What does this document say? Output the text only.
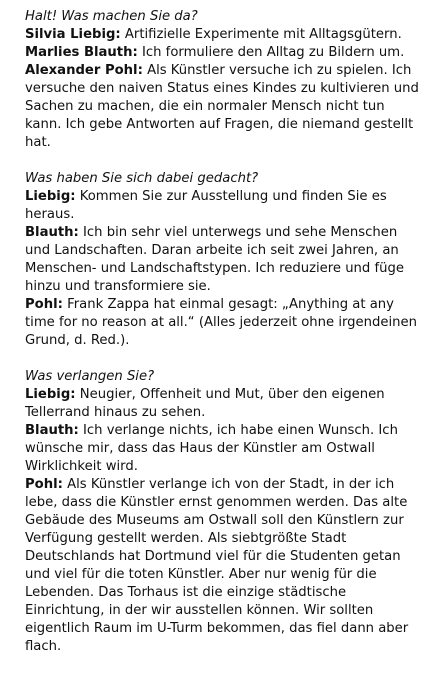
Halt! Was machen Sie da?
Silvia Liebig: Artifizielle Experimente mit Alltagsgütern.
Marlies Blauth: Ich formuliere den Alltag zu Bildern um.
Alexander Pohl: Als Künstler versuche ich zu spielen. Ich versuche den naiven Status eines Kindes zu kultivieren und Sachen zu machen, die ein normaler Mensch nicht tun kann. Ich gebe Antworten auf Fragen, die niemand gestellt hat.
Was haben Sie sich dabei gedacht?
Liebig: Kommen Sie zur Ausstellung und finden Sie es heraus.
Blauth: Ich bin sehr viel unterwegs und sehe Menschen und Landschaften. Daran arbeite ich seit zwei Jahren, an Menschen- und Landschaftstypen. Ich reduziere und füge hinzu und transformiere sie.
Pohl: Frank Zappa hat einmal gesagt: „Anything at any time for no reason at all.“ (Alles jederzeit ohne irgendeinen Grund, d. Red.).
Was verlangen Sie?
Liebig: Neugier, Offenheit und Mut, über den eigenen Tellerrand hinaus zu sehen.
Blauth: Ich verlange nichts, ich habe einen Wunsch. Ich wünsche mir, dass das Haus der Künstler am Ostwall Wirklichkeit wird.
Pohl: Als Künstler verlange ich von der Stadt, in der ich lebe, dass die Künstler ernst genommen werden. Das alte Gebäude des Museums am Ostwall soll den Künstlern zur Verfügung gestellt werden. Als siebtgrößte Stadt Deutschlands hat Dortmund viel für die Studenten getan und viel für die toten Künstler. Aber nur wenig für die Lebenden. Das Torhaus ist die einzige städtische Einrichtung, in der wir ausstellen können. Wir sollten eigentlich Raum im U-Turm bekommen, das fiel dann aber flach.
